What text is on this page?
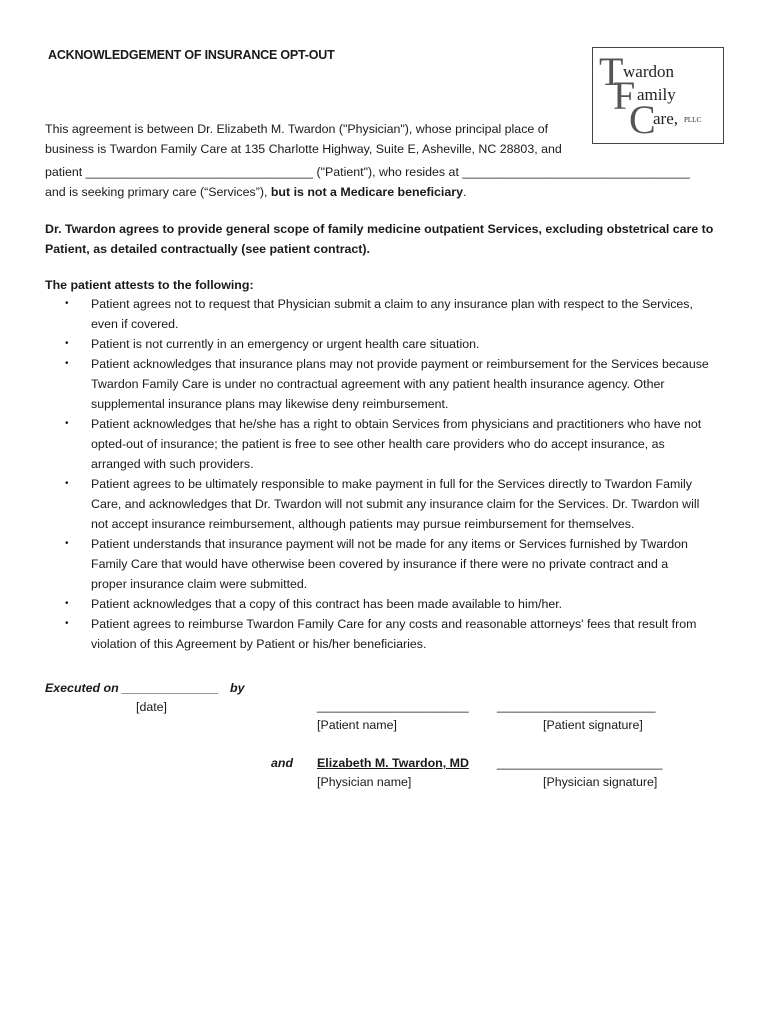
ACKNOWLEDGEMENT OF INSURANCE OPT-OUT	T wardon
F amily
C
are, PLLC
This agreement is between Dr. Elizabeth M. Twardon ("Physician"), whose principal place of
business is Twardon Family Care at 135 Charlotte Highway, Suite E, Asheville, NC 28803, and
patient _________________________________ ("Patient"), who resides at _________________________________
and is seeking primary care (“Services”), but is not a Medicare beneficiary.
Dr. Twardon agrees to provide general scope of family medicine outpatient Services, excluding obstetrical care to
Patient, as detailed contractually (see patient contract).
The patient attests to the following:
• Patient agrees not to request that Physician submit a claim to any insurance plan with respect to the Services,
even if covered.
• Patient is not currently in an emergency or urgent health care situation.
• Patient acknowledges that insurance plans may not provide payment or reimbursement for the Services because
Twardon Family Care is under no contractual agreement with any patient health insurance agency. Other
supplemental insurance plans may likewise deny reimbursement.
• Patient acknowledges that he/she has a right to obtain Services from physicians and practitioners who have not
opted-out of insurance; the patient is free to see other health care providers who do accept insurance, as
arranged with such providers.
• Patient agrees to be ultimately responsible to make payment in full for the Services directly to Twardon Family
Care, and acknowledges that Dr. Twardon will not submit any insurance claim for the Services. Dr. Twardon will
not accept insurance reimbursement, although patients may pursue reimbursement for themselves.
• Patient understands that insurance payment will not be made for any items or Services furnished by Twardon
Family Care that would have otherwise been covered by insurance if there were no private contract and a
proper insurance claim were submitted.
• Patient acknowledges that a copy of this contract has been made available to him/her.
• Patient agrees to reimburse Twardon Family Care for any costs and reasonable attorneys' fees that result from
violation of this Agreement by Patient or his/her beneficiaries.
Executed on ______________ by
[date]	______________________ _______________________
[Patient name]	[Patient signature]
and Elizabeth M. Twardon, MD ________________________
[Physician name]	[Physician signature]
